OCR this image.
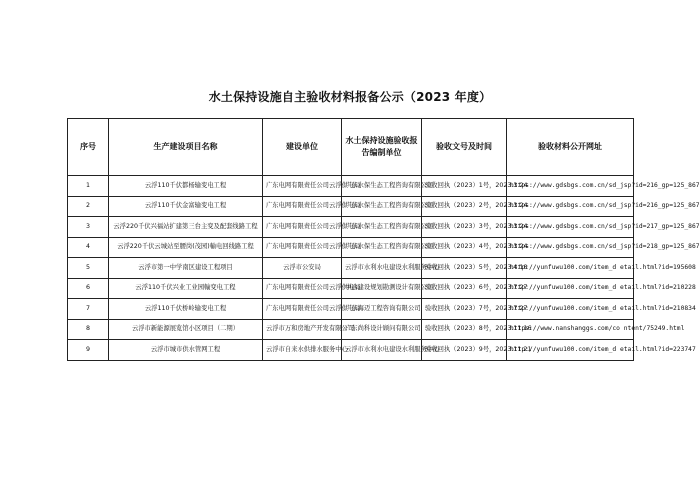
水土保持设施自主验收材料报备公示（2023 年度）
序号	生产建设项目名称	建设单位	水土保持设施验收报告编制单位	验收文号及时间	验收材料公开网址
1	云浮110千伏都杨输变电工程	广东电网有限责任公司云浮供电局	广东水保生态工程咨询有限公司	验收回执（2023）1号，2023.3.24	https://www.gdsbgs.com.cn/sd_jsp?id=216_gp=125_867
2	云浮110千伏金富输变电工程	广东电网有限责任公司云浮供电局	广东水保生态工程咨询有限公司	验收回执（2023）2号，2023.3.24	https://www.gdsbgs.com.cn/sd_jsp?id=216_gp=125_867
3	云浮220千伏兴福站扩建第三台主变及配套线路工程	广东电网有限责任公司云浮供电局	广东水保生态工程咨询有限公司	验收回执（2023）3号，2023.3.24	https://www.gdsbgs.com.cn/sd_jsp?id=217_gp=125_867
4	云浮220千伏云城站至腰岗(茂园)輸电回线路工程	广东电网有限责任公司云浮供电局	广东水保生态工程咨询有限公司	验收回执（2023）4号，2023.3.24	https://www.gdsbgs.com.cn/sd_jsp?id=218_gp=125_867
5	云浮市第一中学南区建设工程项目	云浮市公安局	云浮市水利水电建设水利服务中心	验收回执（2023）5号，2023.4.18	http://yunfuwu100.com/item_d etail.html?id=195608
6	云浮110千伏兴业工业园輸变电工程	广东电网有限责任公司云浮供电局	中冶建设规划勘测设计有限公司	验收回执（2023）6号，2023.7.27	http://yunfuwu100.com/item_d etail.html?id=210228
7	云浮110千伏桥岭输变电工程	广东电网有限责任公司云浮供电局	广东海迈工程咨询有限公司	验收回执（2023）7号，2023.7.27	http://yunfuwu100.com/item_d etail.html?id=210834
8	云浮市新能源展览馆小区项目（二期）	云浮市万和房地产开发有限公司	广东尚科设计顾问有限公司	验收回执（2023）8号，2023.11.16	https://www.nanshanggs.com/co ntent/75249.html
9	云浮市城市供水管网工程	云浮市自来水供排水服务中心	云浮市水利水电建设水利服务中心	验收回执（2023）9号，2023.11.21	http://yunfuwu100.com/item_d etail.html?id=223747
